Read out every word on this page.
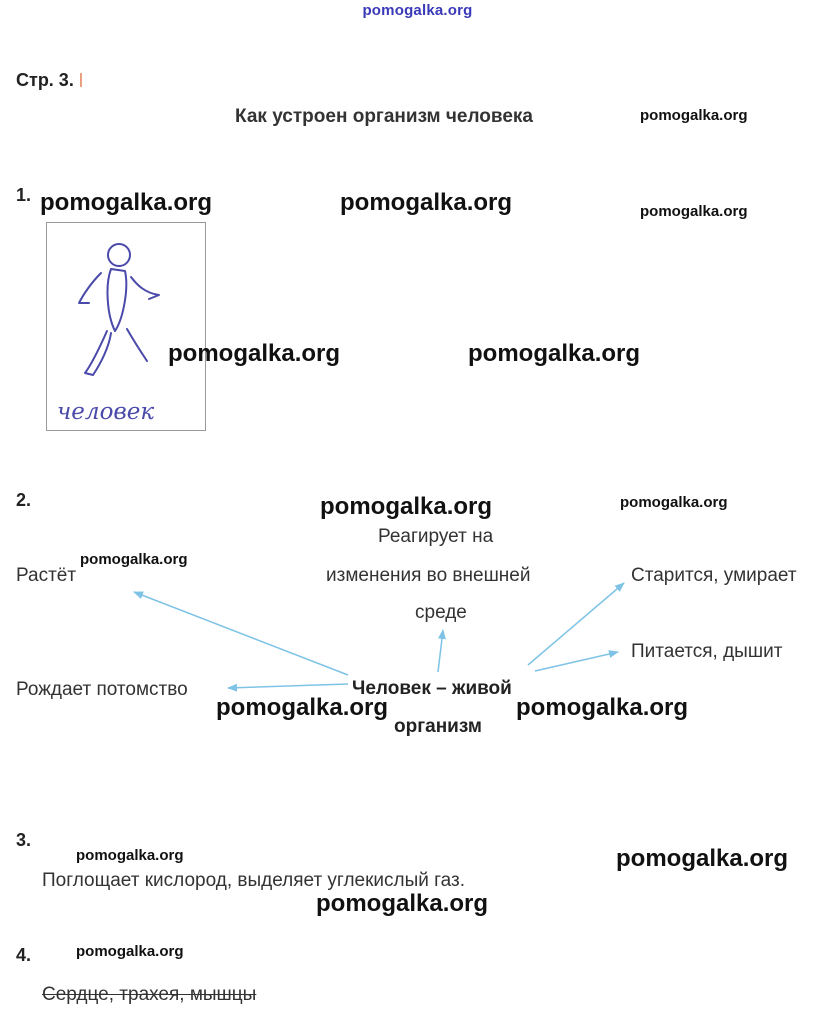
pomogalka.org
Стр. 3.
Как устроен организм человека	pomogalka.org
1. pomogalka.org	pomogalka.org	pomogalka.org
человек
pomogalka.org	pomogalka.org
2.	pomogalka.org	pomogalka.org
Реагирует на
изменения во внешней
среде
Растёт
pomogalka.org
Старится, умирает
Питается, дышит
Рождает потомство	Человек – живой
организм
pomogalka.org	pomogalka.org
3.
pomogalka.org	pomogalka.org
Поглощает кислород, выделяет углекислый газ.
pomogalka.org
4.	pomogalka.org
Сердце, трахея, мышцы
